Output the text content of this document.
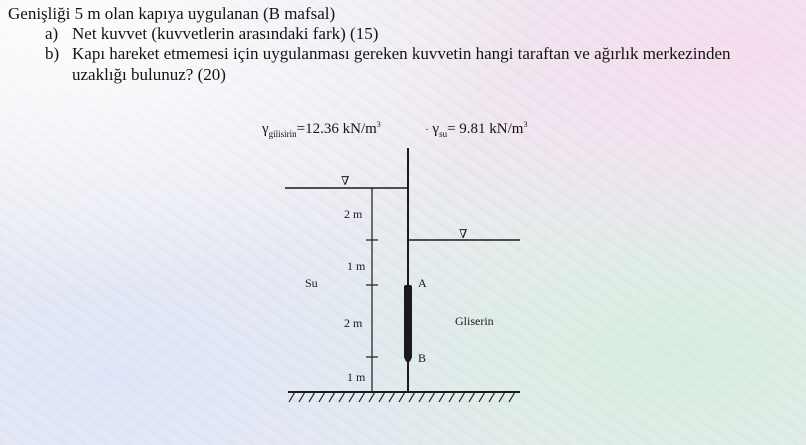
Genişliği 5 m olan kapıya uygulanan (B mafsal)
a) Net kuvvet (kuvvetlerin arasındaki fark) (15)
b) Kapı hareket etmemesi için uygulanması gereken kuvvetin hangi taraftan ve ağırlık merkezinden
uzaklığı bulunuz? (20)
$\gamma_{gilisirin}=12.36$ $kN/m^3$	· $\gamma_{su}= 9.81$ $kN/m^3$
∇
∇
2 m
1 m
2 m
1 m
A
B
Su
Gliserin
